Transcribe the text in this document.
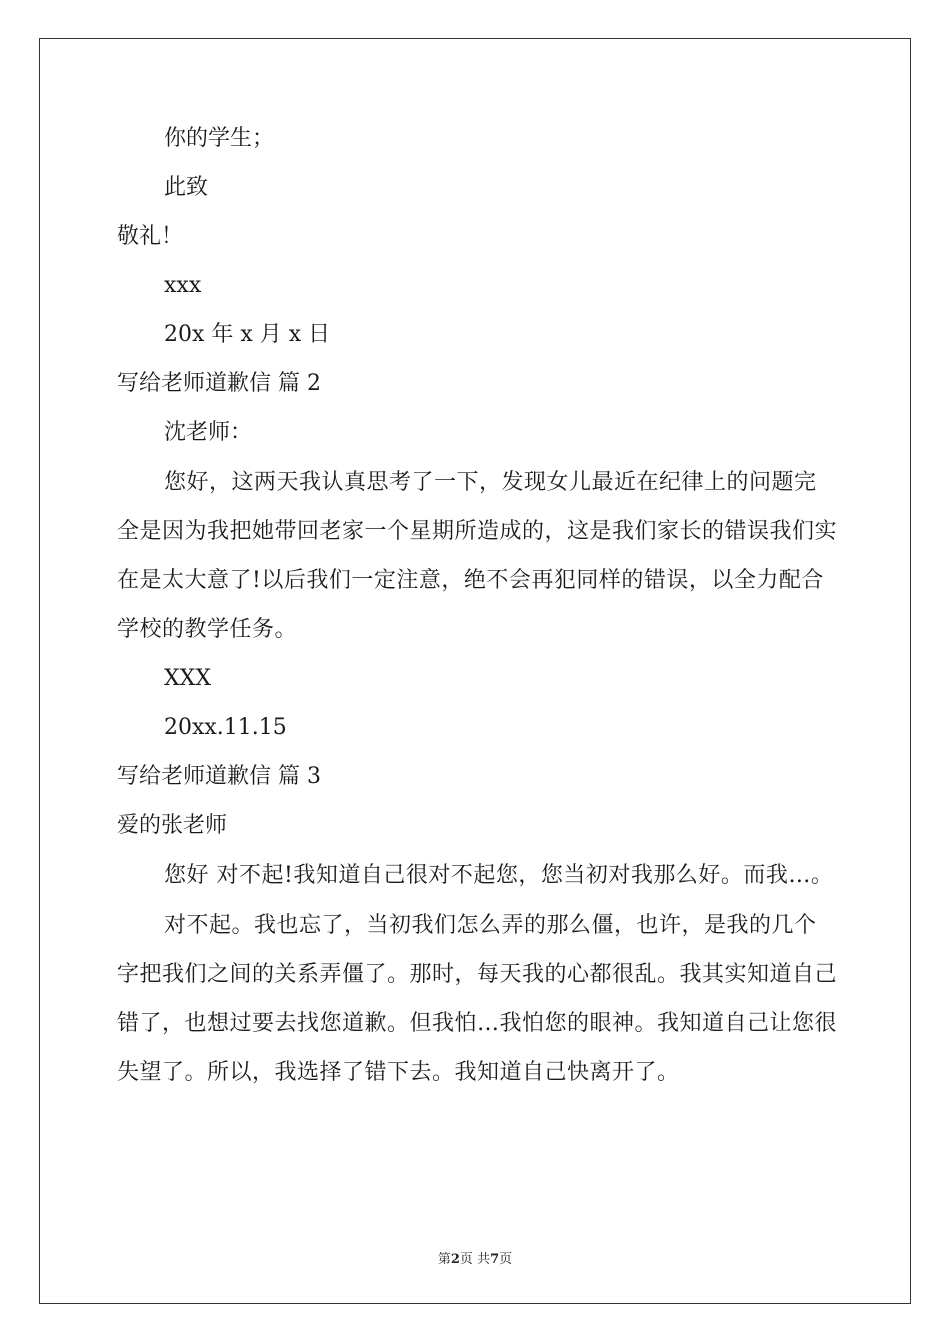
你的学生；
此致
敬礼！
xxx
20x 年 x 月 x 日
写给老师道歉信 篇 2
沈老师：
您好，这两天我认真思考了一下，发现女儿最近在纪律上的问题完全是因为我把她带回老家一个星期所造成的，这是我们家长的错误我们实在是太大意了!以后我们一定注意，绝不会再犯同样的错误，以全力配合学校的教学任务。
XXX
20xx.11.15
写给老师道歉信 篇 3
爱的张老师
您好 对不起!我知道自己很对不起您，您当初对我那么好。而我…。
对不起。我也忘了，当初我们怎么弄的那么僵，也许，是我的几个字把我们之间的关系弄僵了。那时，每天我的心都很乱。我其实知道自己错了，也想过要去找您道歉。但我怕…我怕您的眼神。我知道自己让您很失望了。所以，我选择了错下去。我知道自己快离开了。
第2页 共7页
